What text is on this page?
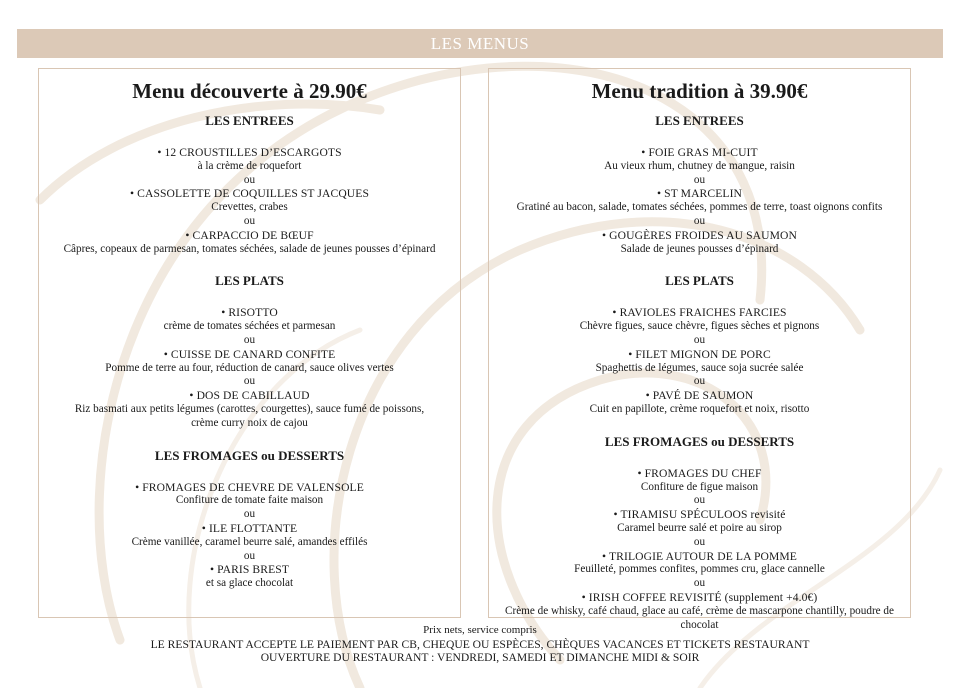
LES MENUS
Menu découverte à 29.90€
LES ENTREES
• 12 CROUSTILLES D’ESCARGOTS
à la crème de roquefort
ou
• CASSOLETTE DE COQUILLES ST JACQUES
Crevettes, crabes
ou
• CARPACCIO DE BŒUF
Câpres, copeaux de parmesan, tomates séchées, salade de jeunes pousses d’épinard
LES PLATS
• RISOTTO
crème de tomates séchées et parmesan
ou
• CUISSE DE CANARD CONFITE
Pomme de terre au four, réduction de canard, sauce olives vertes
ou
• DOS DE CABILLAUD
Riz basmati aux petits légumes (carottes, courgettes), sauce fumé de poissons,
crème curry noix de cajou
LES FROMAGES ou DESSERTS
• FROMAGES DE CHEVRE DE VALENSOLE
Confiture de tomate faite maison
ou
• ILE FLOTTANTE
Crème vanillée, caramel beurre salé, amandes effilés
ou
• PARIS BREST
et sa glace chocolat
Menu tradition à 39.90€
LES ENTREES
• FOIE GRAS MI-CUIT
Au vieux rhum, chutney de mangue, raisin
ou
• ST MARCELIN
Gratiné au bacon, salade, tomates séchées, pommes de terre, toast oignons confits
ou
• GOUGÈRES FROIDES AU SAUMON
Salade de jeunes pousses d’épinard
LES PLATS
• RAVIOLES FRAICHES FARCIES
Chèvre figues, sauce chèvre, figues sèches et pignons
ou
• FILET MIGNON DE PORC
Spaghettis de légumes, sauce soja sucrée salée
ou
• PAVÉ DE SAUMON
Cuit en papillote, crème roquefort et noix, risotto
LES FROMAGES ou DESSERTS
• FROMAGES DU CHEF
Confiture de figue maison
ou
• TIRAMISU SPÉCULOOS revisité
Caramel beurre salé et poire au sirop
ou
• TRILOGIE AUTOUR DE LA POMME
Feuilleté, pommes confites, pommes cru, glace cannelle
ou
• IRISH COFFEE REVISITÉ (supplement +4.0€)
Crème de whisky, café chaud, glace au café, crème de mascarpone chantilly, poudre de chocolat
Prix nets, service compris
LE RESTAURANT ACCEPTE LE PAIEMENT PAR CB, CHEQUE OU ESPÈCES, CHÈQUES VACANCES ET TICKETS RESTAURANT
OUVERTURE DU RESTAURANT : VENDREDI, SAMEDI ET DIMANCHE MIDI & SOIR
